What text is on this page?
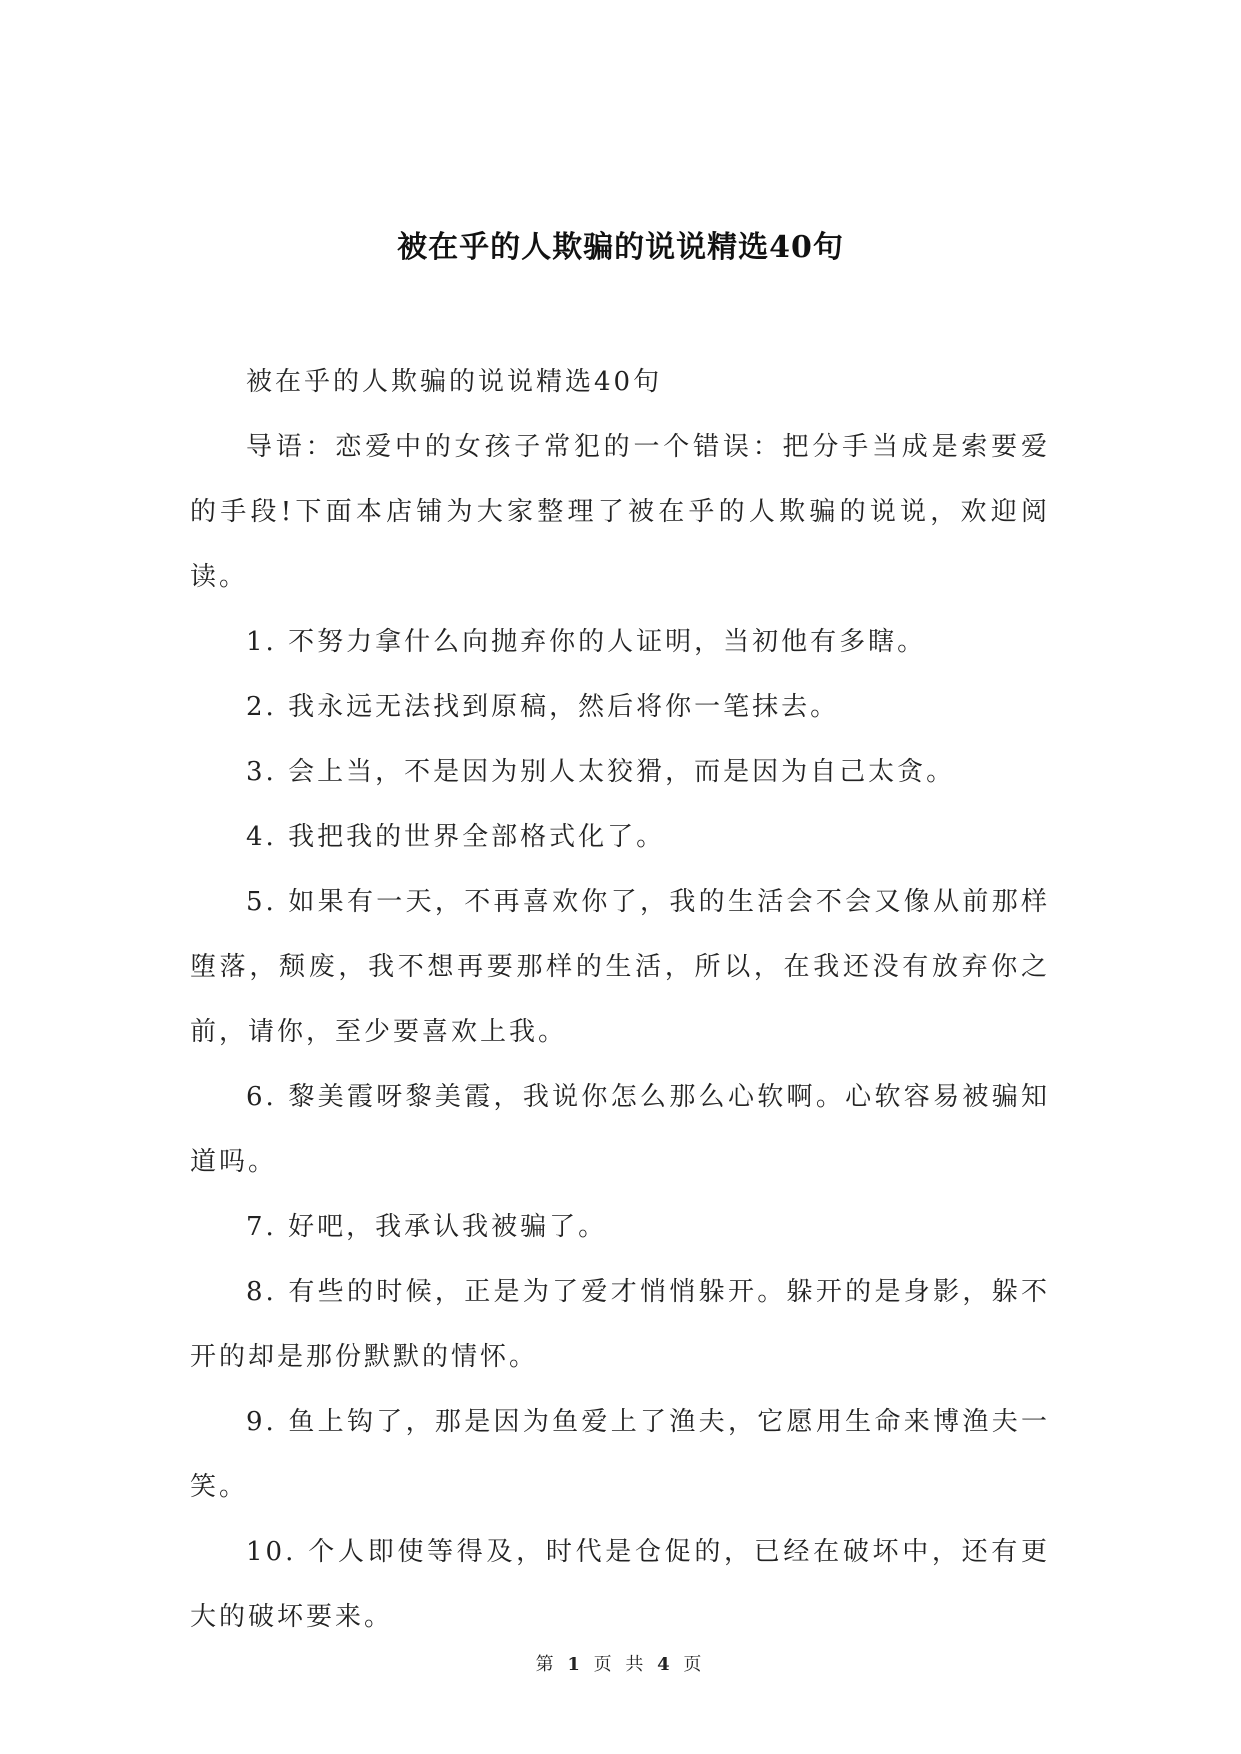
被在乎的人欺骗的说说精选40句

被在乎的人欺骗的说说精选40句

导语：恋爱中的女孩子常犯的一个错误：把分手当成是索要爱的手段!下面本店铺为大家整理了被在乎的人欺骗的说说，欢迎阅读。

1. 不努力拿什么向抛弃你的人证明，当初他有多瞎。

2. 我永远无法找到原稿，然后将你一笔抹去。

3. 会上当，不是因为别人太狡猾，而是因为自己太贪。

4. 我把我的世界全部格式化了。

5. 如果有一天，不再喜欢你了，我的生活会不会又像从前那样堕落，颓废，我不想再要那样的生活，所以，在我还没有放弃你之前，请你，至少要喜欢上我。

6. 黎美霞呀黎美霞，我说你怎么那么心软啊。心软容易被骗知道吗。

7. 好吧，我承认我被骗了。

8. 有些的时候，正是为了爱才悄悄躲开。躲开的是身影，躲不开的却是那份默默的情怀。

9. 鱼上钩了，那是因为鱼爱上了渔夫，它愿用生命来博渔夫一笑。

10. 个人即使等得及，时代是仓促的，已经在破坏中，还有更大的破坏要来。

第 1 页 共 4 页
